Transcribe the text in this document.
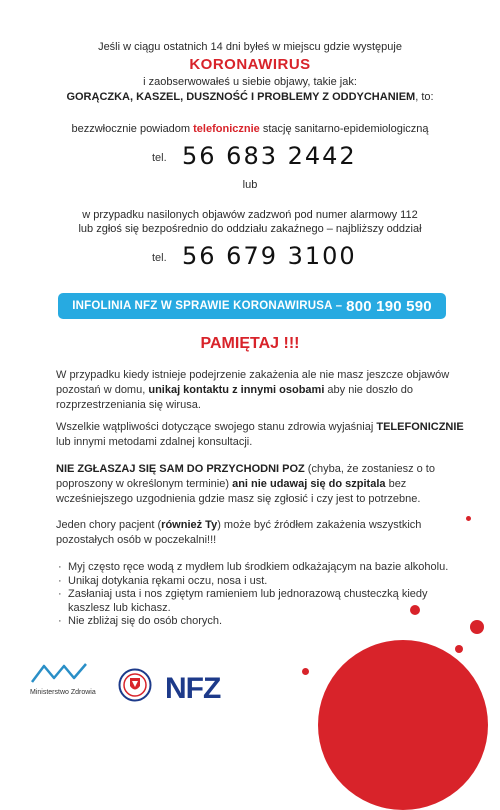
Jeśli w ciągu ostatnich 14 dni byłeś w miejscu gdzie występuje
KORONAWIRUS
i zaobserwowałeś u siebie objawy, takie jak:
GORĄCZKA, KASZEL, DUSZNOŚĆ I PROBLEMY Z ODDYCHANIEM, to:
bezzwłocznie powiadom telefonicznie stację sanitarno-epidemiologiczną
tel. 56 683 2442
lub
w przypadku nasilonych objawów zadzwoń pod numer alarmowy 112
lub zgłoś się bezpośrednio do oddziału zakaźnego – najbliższy oddział
tel. 56 679 3100
INFOLINIA NFZ W SPRAWIE KORONAWIRUSA – 800 190 590
PAMIĘTAJ !!!
W przypadku kiedy istnieje podejrzenie zakażenia ale nie masz jeszcze objawów pozostań w domu, unikaj kontaktu z innymi osobami aby nie doszło do rozprzestrzeniania się wirusa.
Wszelkie wątpliwości dotyczące swojego stanu zdrowia wyjaśniaj TELEFONICZNIE lub innymi metodami zdalnej konsultacji.
NIE ZGŁASZAJ SIĘ SAM DO PRZYCHODNI POZ (chyba, że zostaniesz o to poproszony w określonym terminie) ani nie udawaj się do szpitala bez wcześniejszego uzgodnienia gdzie masz się zgłosić i czy jest to potrzebne.
Jeden chory pacjent (również Ty) może być źródłem zakażenia wszystkich pozostałych osób w poczekalni!!!
· Myj często ręce wodą z mydłem lub środkiem odkażającym na bazie alkoholu.
· Unikaj dotykania rękami oczu, nosa i ust.
· Zasłaniaj usta i nos zgiętym ramieniem lub jednorazową chusteczką kiedy kaszlesz lub kichasz.
· Nie zbliżaj się do osób chorych.
Ministerstwo Zdrowia NFZ
